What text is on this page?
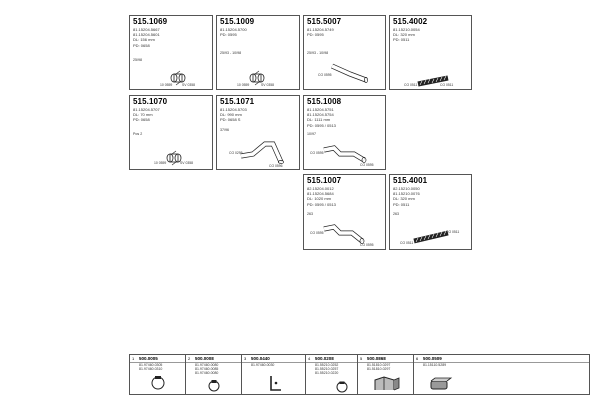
515.1069
81.15204.5667
81.15204.5601
DL: 156 mm
PD: 0658
25/98
10 0559	SV 0358
515.1009
81.15204.5700
PD: 0595
25/93 - 10/98
10 0559	SV 0358
515.5007
81.15204.5749
PD: 0595
25/93 - 10/98
CO 0595
515.4002
81.15210.0054
DL: 320 mm
PD: 0511
CO 0511	CO 0511
515.1070
81.15204.5707
DL: 70 mm
PD: 0658
Pos 2
10 0559	SV 0358
515.1071
81.15204.5703
DL: 990 mm
PD: 0658 S
37/96
CO 0295
CO 0596
515.1008
81.15204.5751
81.15204.5754
DL: 1111 mm
PD: 0595 / 0513
10/97
CO 0595
CO 0595
515.1007
82.15204.0012
81.15204.5684
DL: 1020 mm
PD: 0595 / 0513
263
CO 0595
CO 0595
515.4001
82.15210.0050
81.15210.0076
DL: 320 mm
PD: 0511
263
CO 0511
CO 0511
1 500.0005
81.97460.0305
81.97460.0310
2 500.0008
81.97460.0080
81.97460.0085
81.97460.0080
3 500.0440
81.97460.0030
4 500.0208
81.55210.0252
81.55210.0257
81.55210.0220
5 500.0868
81.51810.0297
81.51810.0297
6 500.0509
81.15110.5289
